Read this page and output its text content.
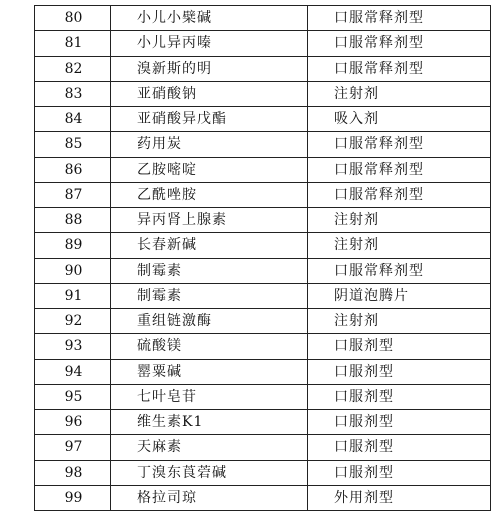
80	小儿小檗碱	口服常释剂型
81	小儿异丙嗪	口服常释剂型
82	溴新斯的明	口服常释剂型
83	亚硝酸钠	注射剂
84	亚硝酸异戊酯	吸入剂
85	药用炭	口服常释剂型
86	乙胺嘧啶	口服常释剂型
87	乙酰唑胺	口服常释剂型
88	异丙肾上腺素	注射剂
89	长春新碱	注射剂
90	制霉素	口服常释剂型
91	制霉素	阴道泡腾片
92	重组链激酶	注射剂
93	硫酸镁	口服剂型
94	罂粟碱	口服剂型
95	七叶皂苷	口服剂型
96	维生素K1	口服剂型
97	天麻素	口服剂型
98	丁溴东莨菪碱	口服剂型
99	格拉司琼	外用剂型
